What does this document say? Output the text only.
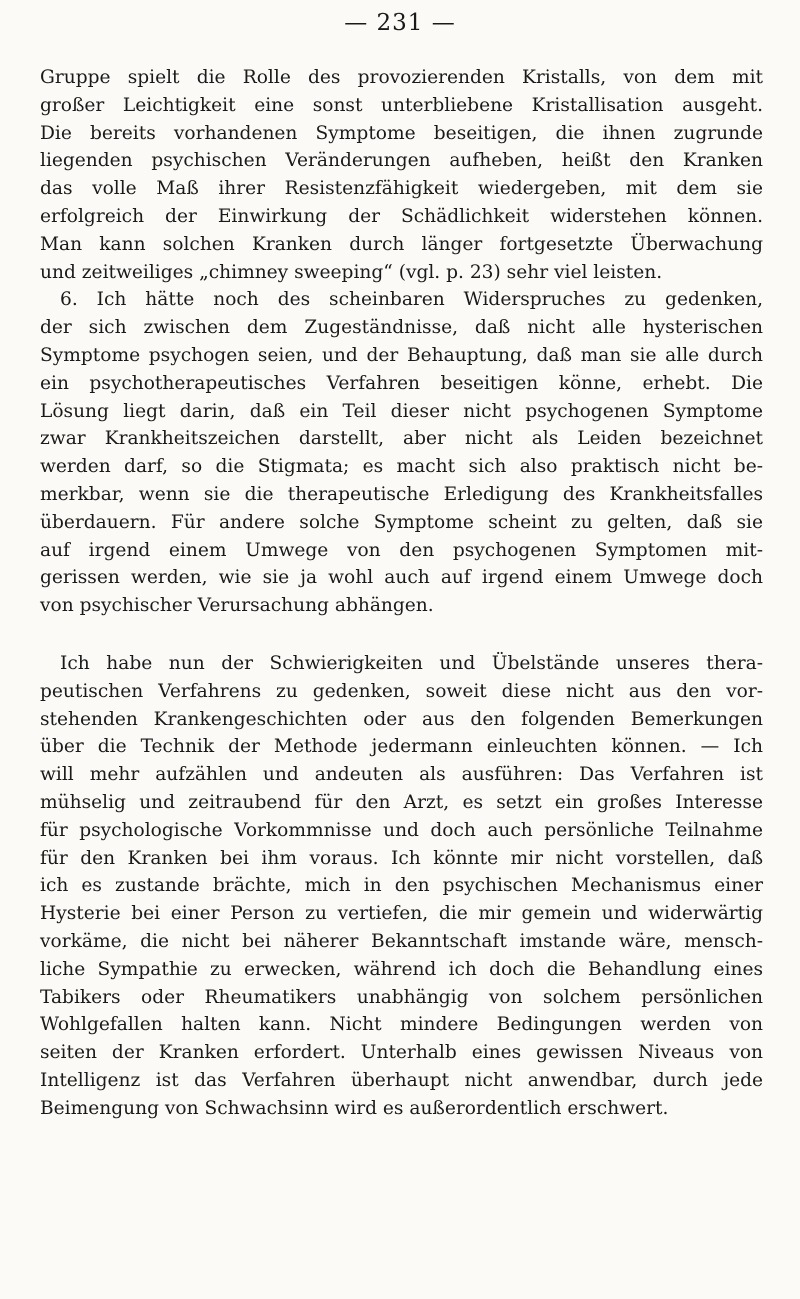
— 231 —
Gruppe spielt die Rolle des provozierenden Kristalls, von dem mit
großer Leichtigkeit eine sonst unterbliebene Kristallisation ausgeht.
Die bereits vorhandenen Symptome beseitigen, die ihnen zugrunde
liegenden psychischen Veränderungen aufheben, heißt den Kranken
das volle Maß ihrer Resistenzfähigkeit wiedergeben, mit dem sie
erfolgreich der Einwirkung der Schädlichkeit widerstehen können.
Man kann solchen Kranken durch länger fortgesetzte Überwachung
und zeitweiliges „chimney sweeping“ (vgl. p. 23) sehr viel leisten.
6. Ich hätte noch des scheinbaren Widerspruches zu gedenken,
der sich zwischen dem Zugeständnisse, daß nicht alle hysterischen
Symptome psychogen seien, und der Behauptung, daß man sie alle durch
ein psychotherapeutisches Verfahren beseitigen könne, erhebt. Die
Lösung liegt darin, daß ein Teil dieser nicht psychogenen Symptome
zwar Krankheitszeichen darstellt, aber nicht als Leiden bezeichnet
werden darf, so die Stigmata; es macht sich also praktisch nicht be-
merkbar, wenn sie die therapeutische Erledigung des Krankheitsfalles
überdauern. Für andere solche Symptome scheint zu gelten, daß sie
auf irgend einem Umwege von den psychogenen Symptomen mit-
gerissen werden, wie sie ja wohl auch auf irgend einem Umwege doch
von psychischer Verursachung abhängen.
Ich habe nun der Schwierigkeiten und Übelstände unseres thera-
peutischen Verfahrens zu gedenken, soweit diese nicht aus den vor-
stehenden Krankengeschichten oder aus den folgenden Bemerkungen
über die Technik der Methode jedermann einleuchten können. — Ich
will mehr aufzählen und andeuten als ausführen: Das Verfahren ist
mühselig und zeitraubend für den Arzt, es setzt ein großes Interesse
für psychologische Vorkommnisse und doch auch persönliche Teilnahme
für den Kranken bei ihm voraus. Ich könnte mir nicht vorstellen, daß
ich es zustande brächte, mich in den psychischen Mechanismus einer
Hysterie bei einer Person zu vertiefen, die mir gemein und widerwärtig
vorkäme, die nicht bei näherer Bekanntschaft imstande wäre, mensch-
liche Sympathie zu erwecken, während ich doch die Behandlung eines
Tabikers oder Rheumatikers unabhängig von solchem persönlichen
Wohlgefallen halten kann. Nicht mindere Bedingungen werden von
seiten der Kranken erfordert. Unterhalb eines gewissen Niveaus von
Intelligenz ist das Verfahren überhaupt nicht anwendbar, durch jede
Beimengung von Schwachsinn wird es außerordentlich erschwert.
